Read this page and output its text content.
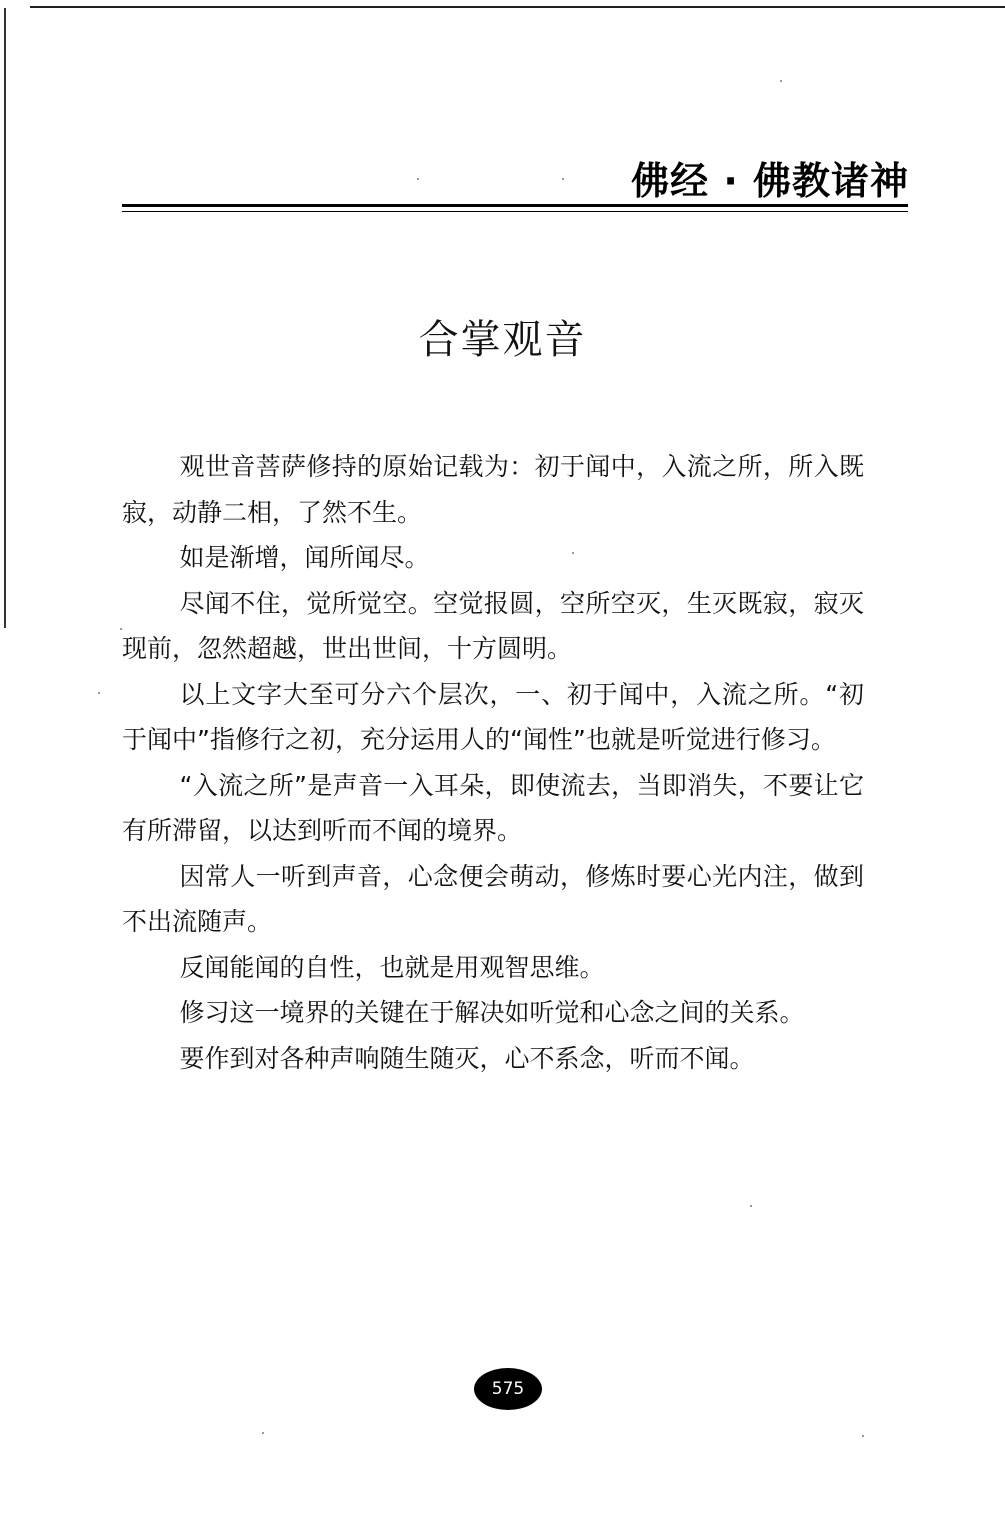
佛经 · 佛教诸神
合掌观音

观世音菩萨修持的原始记载为：初于闻中，入流之所，所入既寂，动静二相，了然不生。

如是渐增，闻所闻尽。

尽闻不住，觉所觉空。空觉报圆，空所空灭，生灭既寂，寂灭现前，忽然超越，世出世间，十方圆明。

以上文字大至可分六个层次，一、初于闻中，入流之所。“初于闻中”指修行之初，充分运用人的“闻性”也就是听觉进行修习。

“入流之所”是声音一入耳朵，即使流去，当即消失，不要让它有所滞留，以达到听而不闻的境界。

因常人一听到声音，心念便会萌动，修炼时要心光内注，做到不出流随声。

反闻能闻的自性，也就是用观智思维。

修习这一境界的关键在于解决如听觉和心念之间的关系。

要作到对各种声响随生随灭，心不系念，听而不闻。

575
